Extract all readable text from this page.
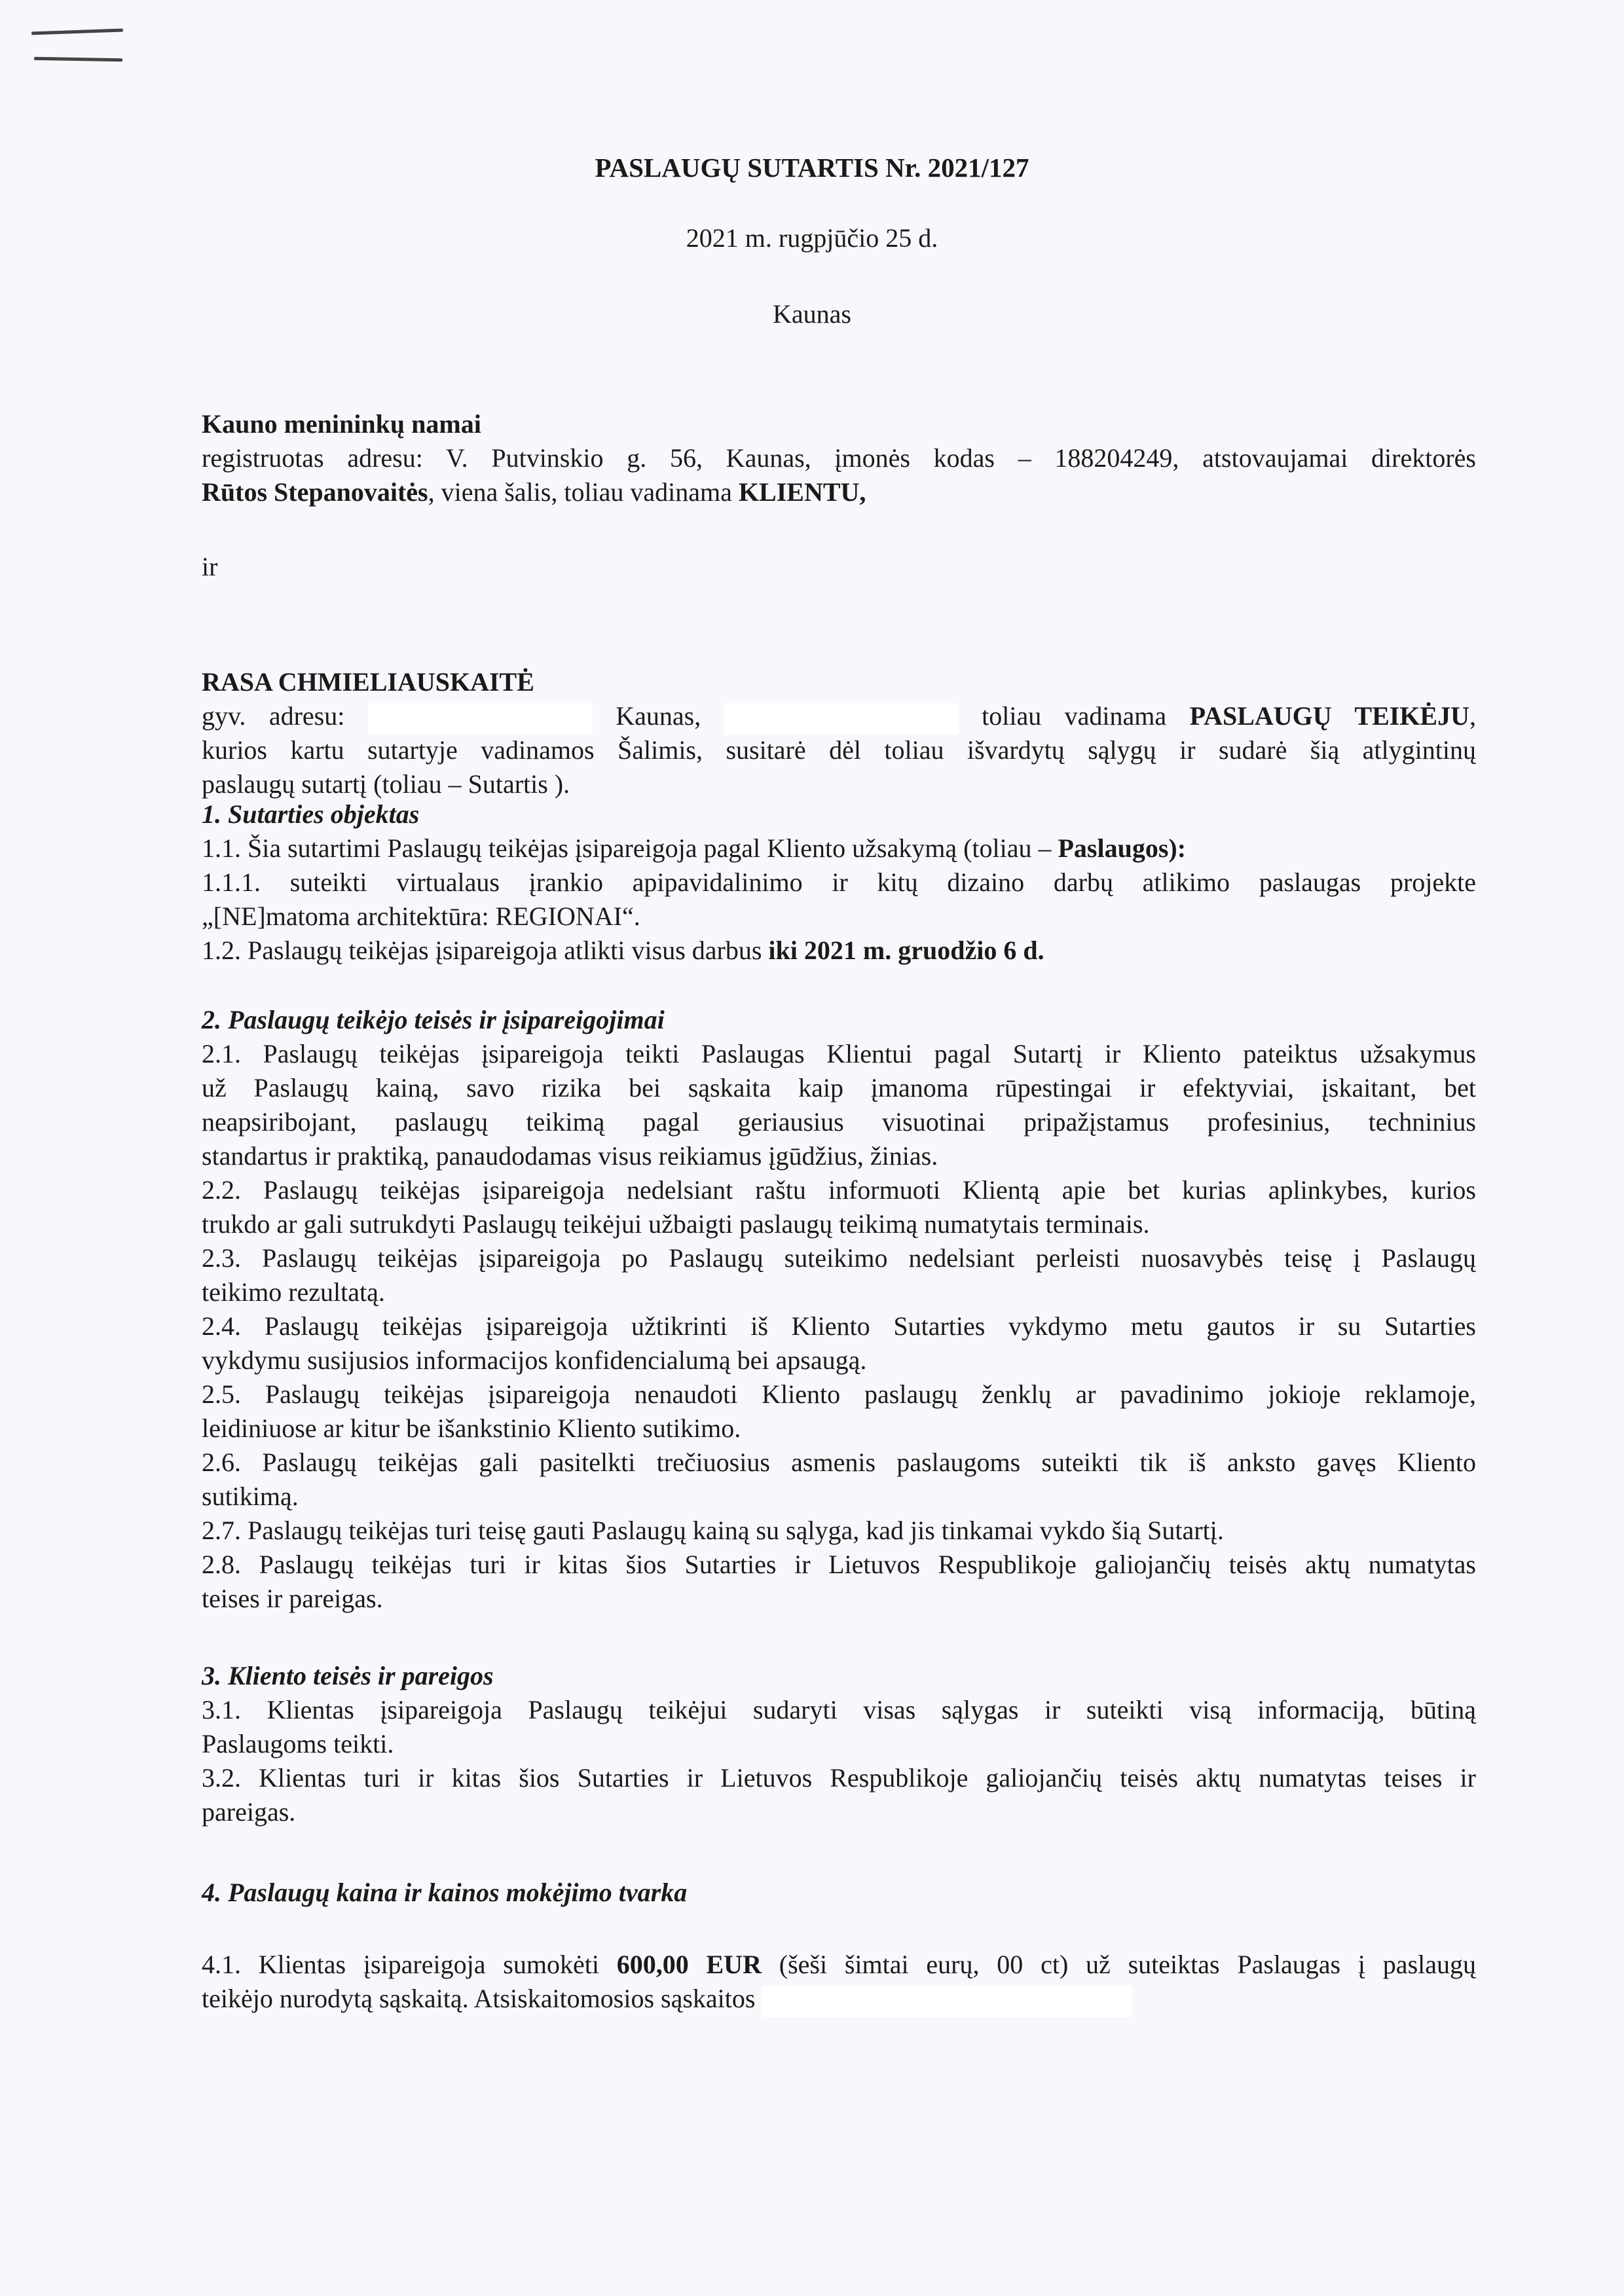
PASLAUGŲ SUTARTIS Nr. 2021/127
2021 m. rugpjūčio 25 d.
Kaunas
Kauno menininkų namai
registruotas adresu: V. Putvinskio g. 56, Kaunas, įmonės kodas – 188204249, atstovaujamai direktorės
Rūtos Stepanovaitės, viena šalis, toliau vadinama KLIENTU,
ir
RASA CHMIELIAUSKAITĖ
gyv. adresu:	Kaunas,	toliau vadinama PASLAUGŲ TEIKĖJU,
kurios kartu sutartyje vadinamos Šalimis, susitarė dėl toliau išvardytų sąlygų ir sudarė šią atlygintinų
paslaugų sutartį (toliau – Sutartis ).
1. Sutarties objektas
1.1. Šia sutartimi Paslaugų teikėjas įsipareigoja pagal Kliento užsakymą (toliau – Paslaugos):
1.1.1. suteikti virtualaus įrankio apipavidalinimo ir kitų dizaino darbų atlikimo paslaugas projekte
„[NE]matoma architektūra: REGIONAI“.
1.2. Paslaugų teikėjas įsipareigoja atlikti visus darbus iki 2021 m. gruodžio 6 d.
2. Paslaugų teikėjo teisės ir įsipareigojimai
2.1. Paslaugų teikėjas įsipareigoja teikti Paslaugas Klientui pagal Sutartį ir Kliento pateiktus užsakymus
už Paslaugų kainą, savo rizika bei sąskaita kaip įmanoma rūpestingai ir efektyviai, įskaitant, bet
neapsiribojant, paslaugų teikimą pagal geriausius visuotinai pripažįstamus profesinius, techninius
standartus ir praktiką, panaudodamas visus reikiamus įgūdžius, žinias.
2.2. Paslaugų teikėjas įsipareigoja nedelsiant raštu informuoti Klientą apie bet kurias aplinkybes, kurios
trukdo ar gali sutrukdyti Paslaugų teikėjui užbaigti paslaugų teikimą numatytais terminais.
2.3. Paslaugų teikėjas įsipareigoja po Paslaugų suteikimo nedelsiant perleisti nuosavybės teisę į Paslaugų
teikimo rezultatą.
2.4. Paslaugų teikėjas įsipareigoja užtikrinti iš Kliento Sutarties vykdymo metu gautos ir su Sutarties
vykdymu susijusios informacijos konfidencialumą bei apsaugą.
2.5. Paslaugų teikėjas įsipareigoja nenaudoti Kliento paslaugų ženklų ar pavadinimo jokioje reklamoje,
leidiniuose ar kitur be išankstinio Kliento sutikimo.
2.6. Paslaugų teikėjas gali pasitelkti trečiuosius asmenis paslaugoms suteikti tik iš anksto gavęs Kliento
sutikimą.
2.7. Paslaugų teikėjas turi teisę gauti Paslaugų kainą su sąlyga, kad jis tinkamai vykdo šią Sutartį.
2.8. Paslaugų teikėjas turi ir kitas šios Sutarties ir Lietuvos Respublikoje galiojančių teisės aktų numatytas
teises ir pareigas.
3. Kliento teisės ir pareigos
3.1. Klientas įsipareigoja Paslaugų teikėjui sudaryti visas sąlygas ir suteikti visą informaciją, būtiną
Paslaugoms teikti.
3.2. Klientas turi ir kitas šios Sutarties ir Lietuvos Respublikoje galiojančių teisės aktų numatytas teises ir
pareigas.
4. Paslaugų kaina ir kainos mokėjimo tvarka
4.1. Klientas įsipareigoja sumokėti 600,00 EUR (šeši šimtai eurų, 00 ct) už suteiktas Paslaugas į paslaugų
teikėjo nurodytą sąskaitą. Atsiskaitomosios sąskaitos
